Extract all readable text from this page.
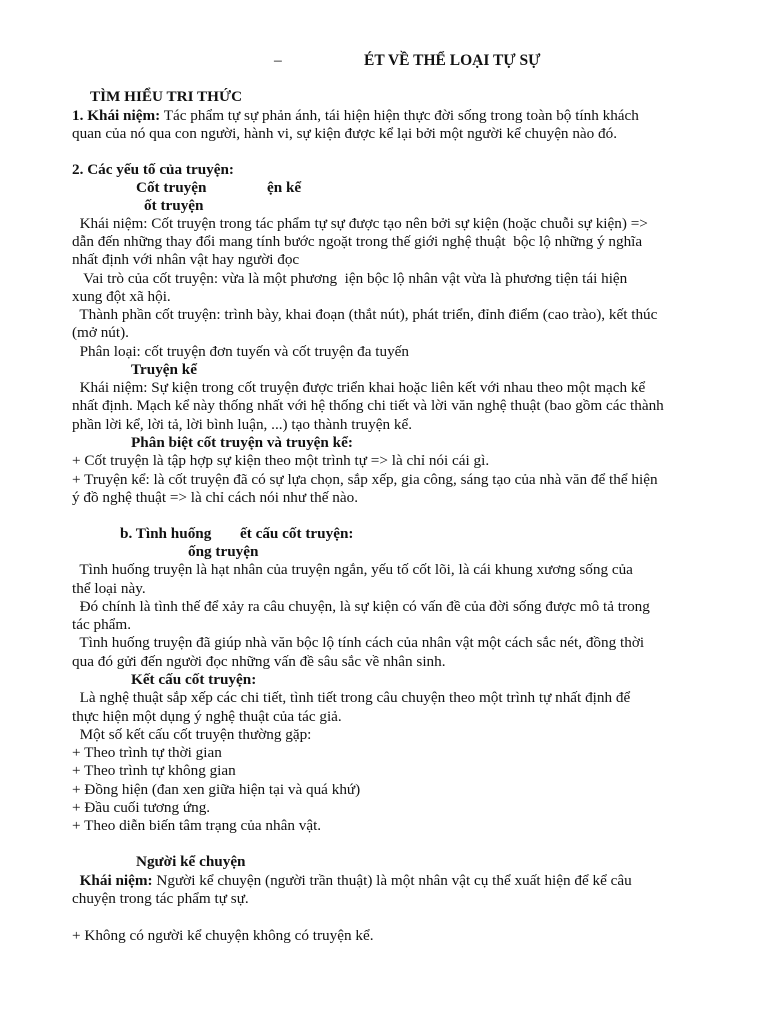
–	ÉT VỀ THỂ LOẠI TỰ SỰ
TÌM HIỂU TRI THỨC
1. Khái niệm: Tác phẩm tự sự phản ánh, tái hiện hiện thực đời sống trong toàn bộ tính khách
quan của nó qua con người, hành vi, sự kiện được kể lại bởi một người kể chuyện nào đó.
2. Các yếu tố của truyện:
Cốt truyện	ện kể
ốt truyện
Khái niệm: Cốt truyện trong tác phẩm tự sự được tạo nên bởi sự kiện (hoặc chuỗi sự kiện) =>
dẫn đến những thay đổi mang tính bước ngoặt trong thế giới nghệ thuật  bộc lộ những ý nghĩa
nhất định với nhân vật hay người đọc
Vai trò của cốt truyện: vừa là một phương  iện bộc lộ nhân vật vừa là phương tiện tái hiện
xung đột xã hội.
Thành phần cốt truyện: trình bày, khai đoạn (thắt nút), phát triển, đỉnh điểm (cao trào), kết thúc
(mở nút).
Phân loại: cốt truyện đơn tuyến và cốt truyện đa tuyến
Truyện kể
Khái niệm: Sự kiện trong cốt truyện được triển khai hoặc liên kết với nhau theo một mạch kể
nhất định. Mạch kể này thống nhất với hệ thống chi tiết và lời văn nghệ thuật (bao gồm các thành
phần lời kể, lời tả, lời bình luận, ...) tạo thành truyện kể.
Phân biệt cốt truyện và truyện kể:
+ Cốt truyện là tập hợp sự kiện theo một trình tự => là chỉ nói cái gì.
+ Truyện kể: là cốt truyện đã có sự lựa chọn, sắp xếp, gia công, sáng tạo của nhà văn để thể hiện
ý đồ nghệ thuật => là chỉ cách nói như thế nào.
b. Tình huống ết cấu cốt truyện:
ống truyện
Tình huống truyện là hạt nhân của truyện ngắn, yếu tố cốt lõi, là cái khung xương sống của
thể loại này.
Đó chính là tình thế để xảy ra câu chuyện, là sự kiện có vấn đề của đời sống được mô tả trong
tác phẩm.
Tình huống truyện đã giúp nhà văn bộc lộ tính cách của nhân vật một cách sắc nét, đồng thời
qua đó gửi đến người đọc những vấn đề sâu sắc về nhân sinh.
Kết cấu cốt truyện:
Là nghệ thuật sắp xếp các chi tiết, tình tiết trong câu chuyện theo một trình tự nhất định để
thực hiện một dụng ý nghệ thuật của tác giả.
Một số kết cấu cốt truyện thường gặp:
+ Theo trình tự thời gian
+ Theo trình tự không gian
+ Đồng hiện (đan xen giữa hiện tại và quá khứ)
+ Đầu cuối tương ứng.
+ Theo diễn biến tâm trạng của nhân vật.
Người kể chuyện
Khái niệm: Người kể chuyện (người trần thuật) là một nhân vật cụ thể xuất hiện để kể câu
chuyện trong tác phẩm tự sự.
+ Không có người kể chuyện không có truyện kể.
